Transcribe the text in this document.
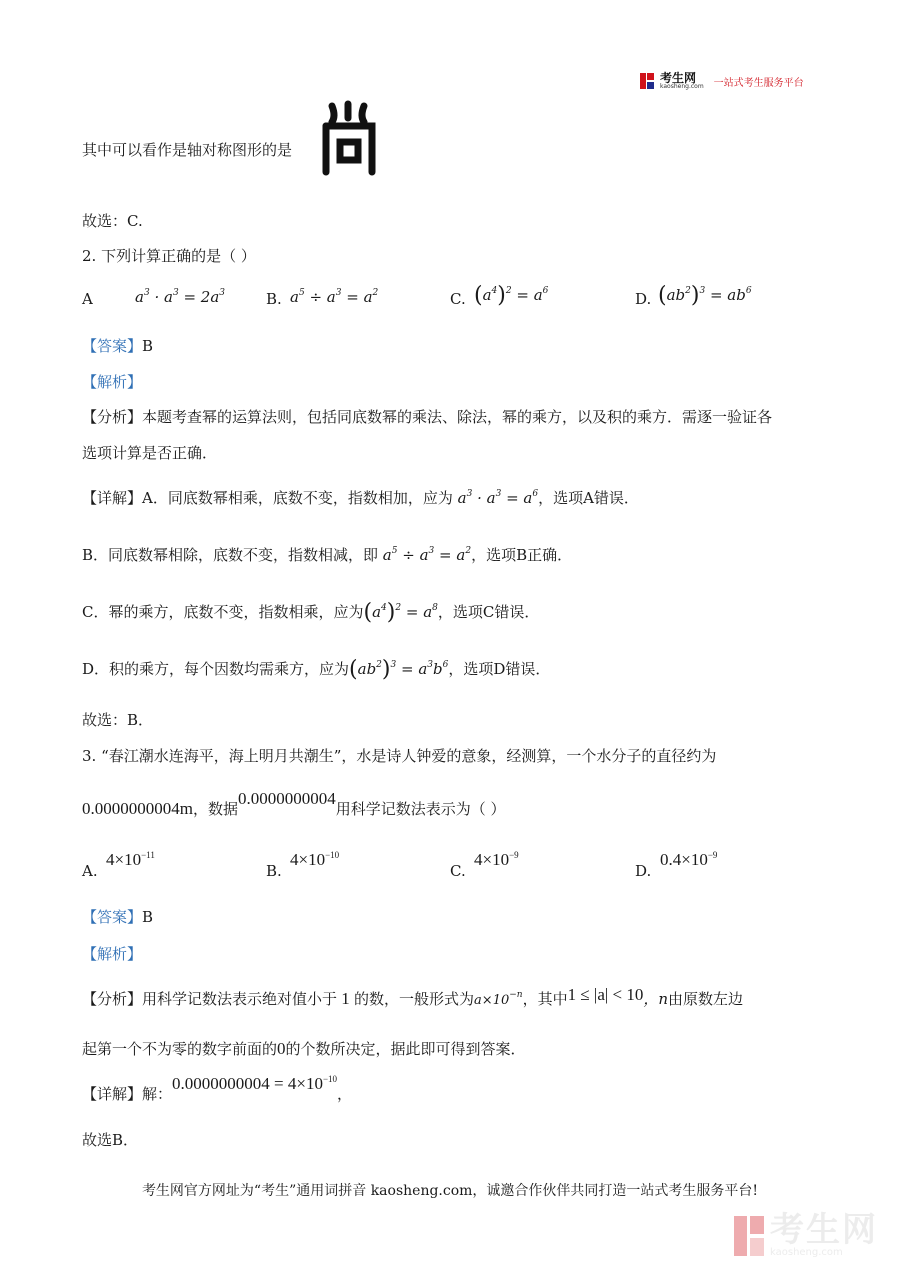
考生网
kaosheng.com 一站式考生服务平台
其中可以看作是轴对称图形的是
故选：C.
2. 下列计算正确的是（ ）
A	$a^3 \cdot a^3 = 2a^3$	B. $a^5 \div a^3 = a^2$	C. $(a^4)^2 = a^6$	D. $(ab^2)^3 = ab^6$
【答案】B
【解析】
【分析】本题考查幂的运算法则，包括同底数幂的乘法、除法，幂的乘方，以及积的乘方．需逐一验证各
选项计算是否正确．
【详解】A．同底数幂相乘，底数不变，指数相加，应为 $a^3 \cdot a^3 = a^6$，选项A错误．
B．同底数幂相除，底数不变，指数相减，即 $a^5 \div a^3 = a^2$，选项B正确．
C．幂的乘方，底数不变，指数相乘，应为$(a^4)^2 = a^8$，选项C错误．
D．积的乘方，每个因数均需乘方，应为$(ab^2)^3 = a^3b^6$，选项D错误．
故选：B．
3. “春江潮水连海平，海上明月共潮生”，水是诗人钟爱的意象，经测算，一个水分子的直径约为
0.0000000004m，数据0.0000000004用科学记数法表示为（ ）
A.
$4\times 10^{-11}$
B.
$4\times 10^{-10}$
C.
$4\times 10^{-9}$
D.
$0.4\times 10^{-9}$
【答案】B
【解析】
【分析】用科学记数法表示绝对值小于 1 的数，一般形式为$a\times 10^{-n}$，其中1 ≤ |a| < 10，n由原数左边
起第一个不为零的数字前面的0的个数所决定，据此即可得到答案．
【详解】解：$0.0000000004 = 4\times 10^{-10}$，
故选B．
考生网官方网址为“考生”通用词拼音 kaosheng.com，诚邀合作伙伴共同打造一站式考生服务平台!
考生网
kaosheng.com
